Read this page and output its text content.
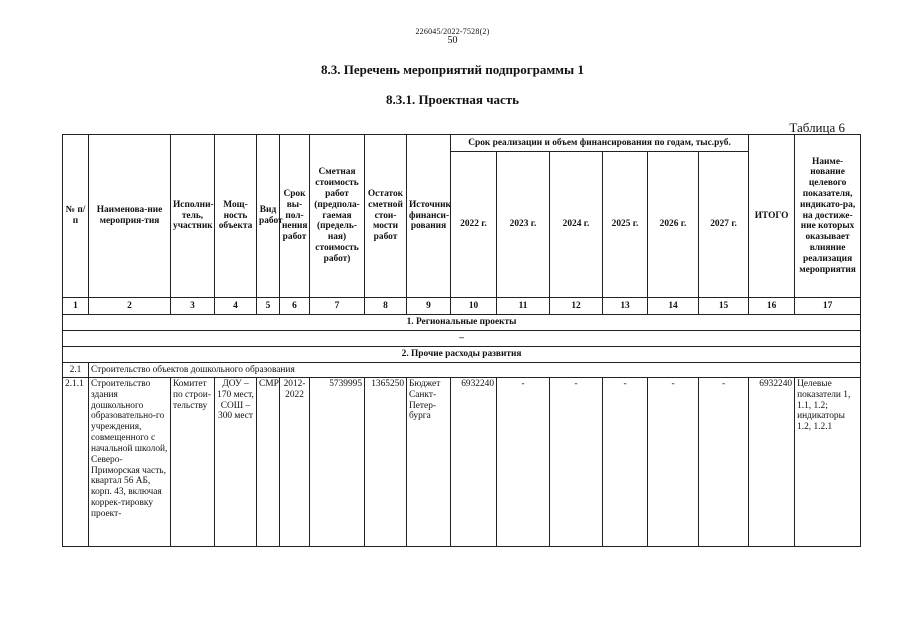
226045/2022-7528(2)
50
8.3. Перечень мероприятий подпрограммы 1
8.3.1. Проектная часть
Таблица 6
№ п/п	Наименова-ние мероприя-тия	Исполни-тель, участник	Мощ-ность объекта	Вид работ	Срок вы-пол-нения работ	Сметная стоимость работ (предпола-гаемая (предель-ная) стоимость работ)	Остаток сметной стои-мости работ	Источник финанси-рования	Срок реализации и объем финансирования по годам, тыс.руб.						ИТОГО	Наиме-нование целевого показателя, индикато-ра, на достиже-ние которых оказывает влияние реализация мероприятия
									2022 г.	2023 г.	2024 г.	2025 г.	2026 г.	2027 г.		
1	2	3	4	5	6	7	8	9	10	11	12	13	14	15	16	17
1. Региональные проекты																
–																
2. Прочие расходы развития																
2.1	Строительство объектов дошкольного образования															
2.1.1	Строительство здания дошкольного образовательно-го учреждения, совмещенного с начальной школой, Северо-Приморская часть, квартал 56 АБ, корп. 43, включая коррек-тировку проект-	Комитет по строи-тельству	ДОУ – 170 мест, СОШ – 300 мест	СМР	2012-2022	5739995	1365250	Бюджет Санкт-Петер-бурга	6932240	-	-	-	-	-	6932240	Целевые показатели 1, 1.1, 1.2; индикаторы 1.2, 1.2.1
